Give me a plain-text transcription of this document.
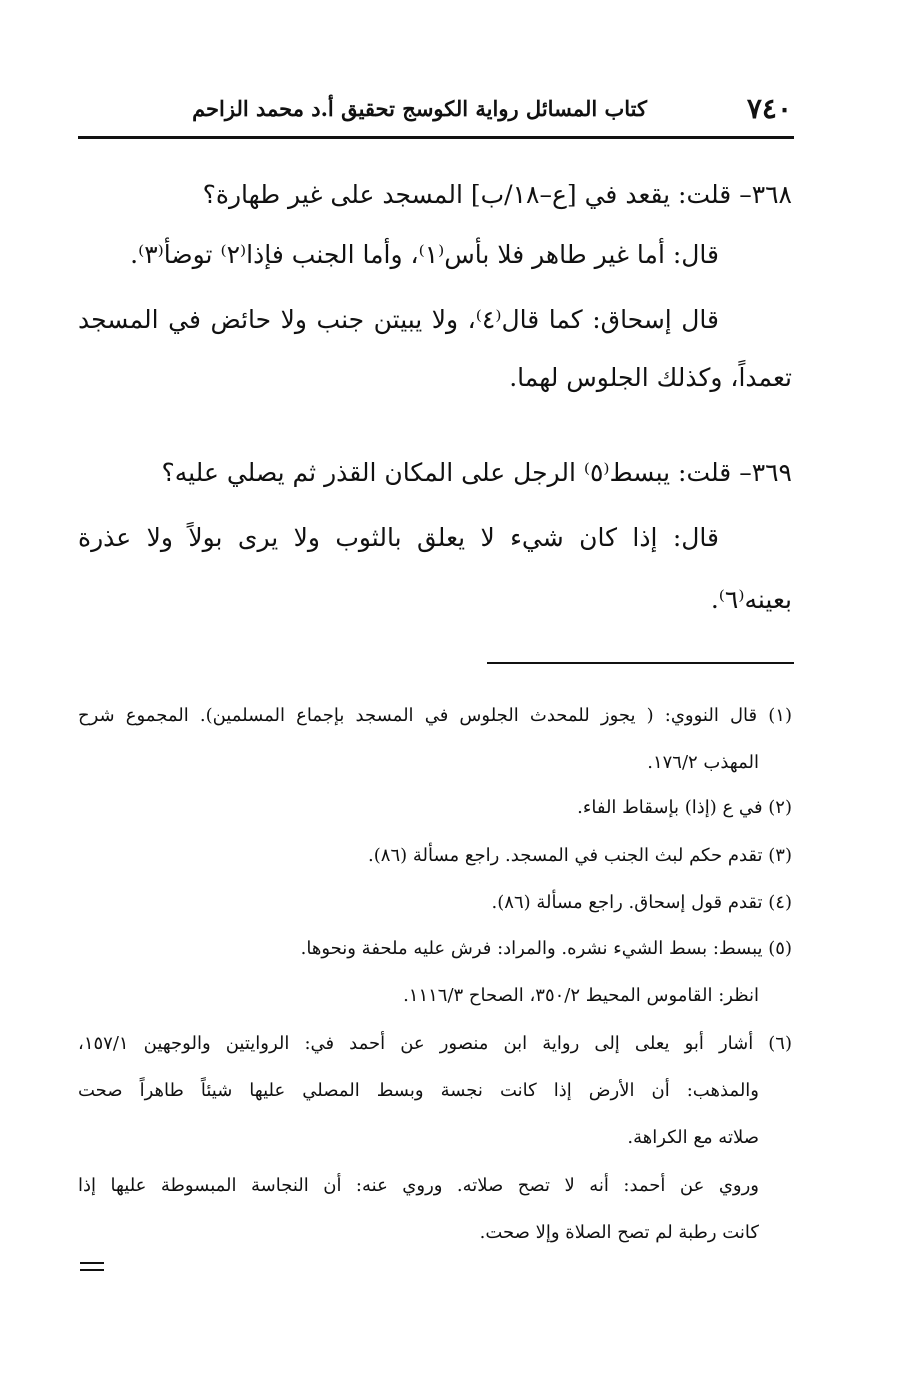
٧٤٠
كتاب المسائل رواية الكوسج تحقيق أ.د محمد الزاحم
٣٦٨– قلت: يقعد في [ع–١٨/ب] المسجد على غير طهارة؟
قال: أما غير طاهر فلا بأس⁽١⁾، وأما الجنب فإذا⁽٢⁾ توضأ⁽٣⁾.
قال إسحاق: كما قال⁽٤⁾، ولا يبيتن جنب ولا حائض في المسجد
تعمداً، وكذلك الجلوس لهما.
٣٦٩– قلت: يبسط⁽٥⁾ الرجل على المكان القذر ثم يصلي عليه؟
قال: إذا كان شيء لا يعلق بالثوب ولا يرى بولاً ولا عذرة
بعينه⁽٦⁾.
(١) قال النووي: ( يجوز للمحدث الجلوس في المسجد بإجماع المسلمين). المجموع شرح
المهذب ١٧٦/٢.
(٢) في ع (إذا) بإسقاط الفاء.
(٣) تقدم حكم لبث الجنب في المسجد. راجع مسألة (٨٦).
(٤) تقدم قول إسحاق. راجع مسألة (٨٦).
(٥) يبسط: بسط الشيء نشره. والمراد: فرش عليه ملحفة ونحوها.
انظر: القاموس المحيط ٣٥٠/٢، الصحاح ١١١٦/٣.
(٦) أشار أبو يعلى إلى رواية ابن منصور عن أحمد في: الروايتين والوجهين ١٥٧/١،
والمذهب: أن الأرض إذا كانت نجسة وبسط المصلي عليها شيئاً طاهراً صحت
صلاته مع الكراهة.
وروي عن أحمد: أنه لا تصح صلاته. وروي عنه: أن النجاسة المبسوطة عليها إذا
كانت رطبة لم تصح الصلاة وإلا صحت.
